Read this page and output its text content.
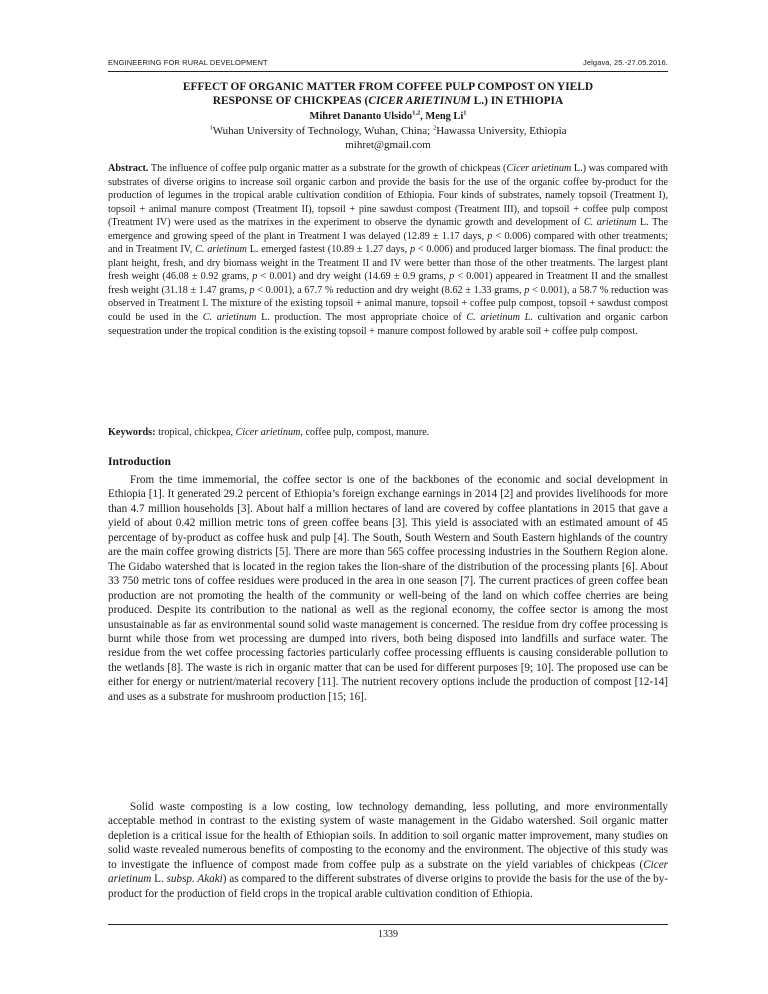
ENGINEERING FOR RURAL DEVELOPMENT	Jelgava, 25.-27.05.2016.
EFFECT OF ORGANIC MATTER FROM COFFEE PULP COMPOST ON YIELD
RESPONSE OF CHICKPEAS (CICER ARIETINUM L.) IN ETHIOPIA
Mihret Dananto Ulsido$^{1,2}$, Meng Li$^1$
$^1$Wuhan University of Technology, Wuhan, China; $^2$Hawassa University, Ethiopia
mihret@gmail.com
Abstract. The influence of coffee pulp organic matter as a substrate for the growth of chickpeas (Cicer arietinum L.) was compared with substrates of diverse origins to increase soil organic carbon and provide the basis for the use of the organic coffee by-product for the production of legumes in the tropical arable cultivation condition of Ethiopia. Four kinds of substrates, namely topsoil (Treatment I), topsoil + animal manure compost (Treatment II), topsoil + pine sawdust compost (Treatment III), and topsoil + coffee pulp compost (Treatment IV) were used as the matrixes in the experiment to observe the dynamic growth and development of C. arietinum L. The emergence and growing speed of the plant in Treatment I was delayed (12.89 ± 1.17 days, p < 0.006) compared with other treatments; and in Treatment IV, C. arietinum L. emerged fastest (10.89 ± 1.27 days, p < 0.006) and produced larger biomass. The final product: the plant height, fresh, and dry biomass weight in the Treatment II and IV were better than those of the other treatments. The largest plant fresh weight (46.08 ± 0.92 grams, p < 0.001) and dry weight (14.69 ± 0.9 grams, p < 0.001) appeared in Treatment II and the smallest fresh weight (31.18 ± 1.47 grams, p < 0.001), a 67.7 % reduction and dry weight (8.62 ± 1.33 grams, p < 0.001), a 58.7 % reduction was observed in Treatment I. The mixture of the existing topsoil + animal manure, topsoil + coffee pulp compost, topsoil + sawdust compost could be used in the C. arietinum L. production. The most appropriate choice of C. arietinum L. cultivation and organic carbon sequestration under the tropical condition is the existing topsoil + manure compost followed by arable soil + coffee pulp compost.
Keywords: tropical, chickpea, Cicer arietinum, coffee pulp, compost, manure.
Introduction
From the time immemorial, the coffee sector is one of the backbones of the economic and social development in Ethiopia [1]. It generated 29.2 percent of Ethiopia’s foreign exchange earnings in 2014 [2] and provides livelihoods for more than 4.7 million households [3]. About half a million hectares of land are covered by coffee plantations in 2015 that gave a yield of about 0.42 million metric tons of green coffee beans [3]. This yield is associated with an estimated amount of 45 percentage of by-product as coffee husk and pulp [4]. The South, South Western and South Eastern highlands of the country are the main coffee growing districts [5]. There are more than 565 coffee processing industries in the Southern Region alone. The Gidabo watershed that is located in the region takes the lion-share of the distribution of the processing plants [6]. About 33 750 metric tons of coffee residues were produced in the area in one season [7]. The current practices of green coffee bean production are not promoting the health of the community or well-being of the land on which coffee cherries are being produced. Despite its contribution to the national as well as the regional economy, the coffee sector is among the most unsustainable as far as environmental sound solid waste management is concerned. The residue from dry coffee processing is burnt while those from wet processing are dumped into rivers, both being disposed into landfills and surface water. The residue from the wet coffee processing factories particularly coffee processing effluents is causing considerable pollution to the wetlands [8]. The waste is rich in organic matter that can be used for different purposes [9; 10]. The proposed use can be either for energy or nutrient/material recovery [11]. The nutrient recovery options include the production of compost [12-14] and uses as a substrate for mushroom production [15; 16].
Solid waste composting is a low costing, low technology demanding, less polluting, and more environmentally acceptable method in contrast to the existing system of waste management in the Gidabo watershed. Soil organic matter depletion is a critical issue for the health of Ethiopian soils. In addition to soil organic matter improvement, many studies on solid waste revealed numerous benefits of composting to the economy and the environment. The objective of this study was to investigate the influence of compost made from coffee pulp as a substrate on the yield variables of chickpeas (Cicer arietinum L. subsp. Akaki) as compared to the different substrates of diverse origins to provide the basis for the use of the by-product for the production of field crops in the tropical arable cultivation condition of Ethiopia.
1339
